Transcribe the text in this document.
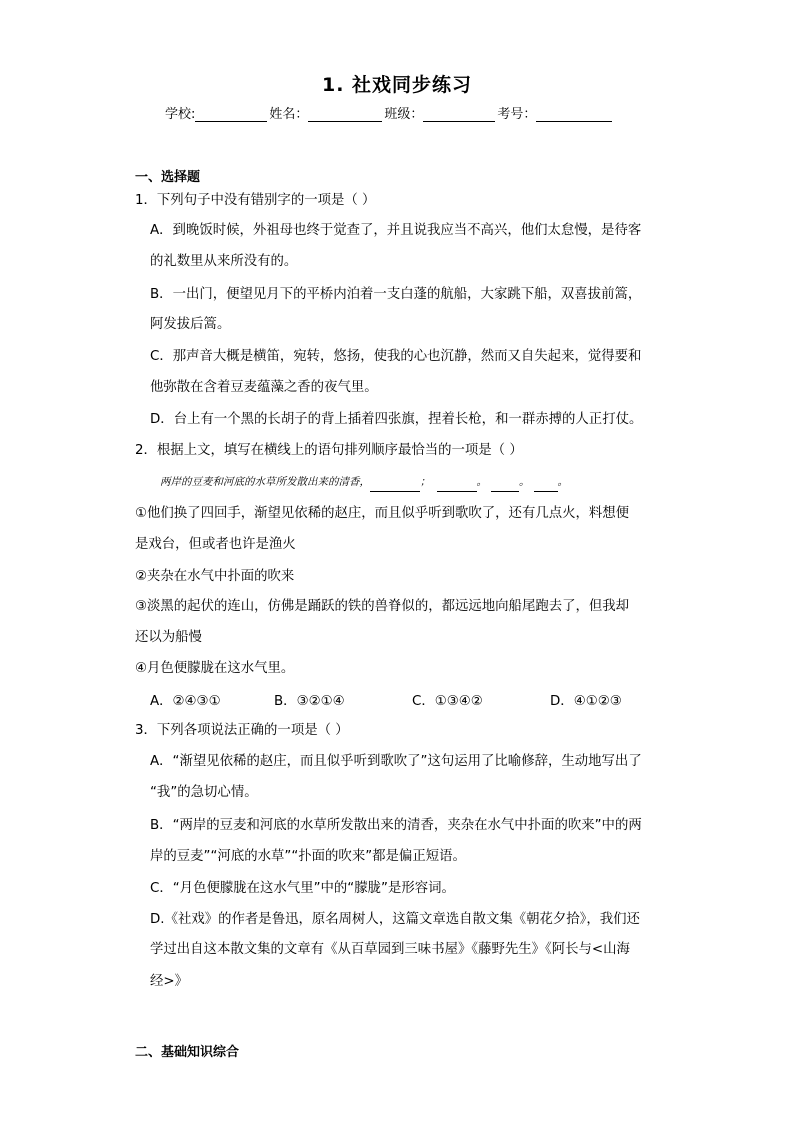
1. 社戏同步练习
学校:	姓名：	班级：	考号：
一、选择题
1．下列句子中没有错别字的一项是（ ）
A．到晚饭时候，外祖母也终于觉查了，并且说我应当不高兴，他们太怠慢，是待客
的礼数里从来所没有的。
B．一出门，便望见月下的平桥内泊着一支白蓬的航船，大家跳下船，双喜拔前篙，
阿发拔后篙。
C．那声音大概是横笛，宛转，悠扬，使我的心也沉静，然而又自失起来，觉得要和
他弥散在含着豆麦蕴藻之香的夜气里。
D．台上有一个黑的长胡子的背上插着四张旗，捏着长枪，和一群赤搏的人正打仗。
2．根据上文，填写在横线上的语句排列顺序最恰当的一项是（ ）
两岸的豆麦和河底的水草所发散出来的清香，	；	。	。	。
①他们换了四回手，渐望见依稀的赵庄，而且似乎听到歌吹了，还有几点火，料想便
是戏台，但或者也许是渔火
②夹杂在水气中扑面的吹来
③淡黑的起伏的连山，仿佛是踊跃的铁的兽脊似的，都远远地向船尾跑去了，但我却
还以为船慢
④月色便朦胧在这水气里。
A．②④③①	B．③②①④	C．①③④②	D．④①②③
3．下列各项说法正确的一项是（ ）
A．“渐望见依稀的赵庄，而且似乎听到歌吹了”这句运用了比喻修辞，生动地写出了
“我”的急切心情。
B．“两岸的豆麦和河底的水草所发散出来的清香，夹杂在水气中扑面的吹来”中的两
岸的豆麦”“河底的水草”“扑面的吹来”都是偏正短语。
C．“月色便朦胧在这水气里”中的“朦胧”是形容词。
D.《社戏》的作者是鲁迅，原名周树人，这篇文章选自散文集《朝花夕拾》，我们还
学过出自这本散文集的文章有《从百草园到三味书屋》《藤野先生》《阿长与<山海
经>》
二、基础知识综合
